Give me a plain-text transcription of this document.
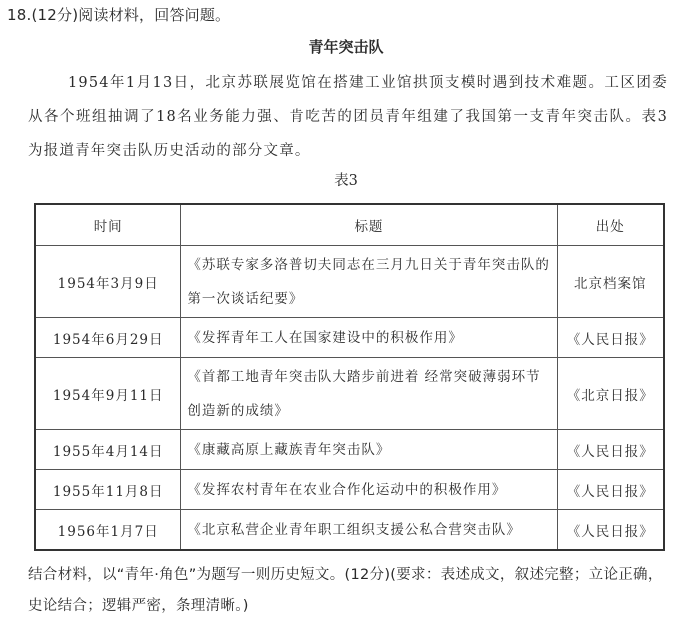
18.(12分)阅读材料，回答问题。
青年突击队
1954年1月13日，北京苏联展览馆在搭建工业馆拱顶支模时遇到技术难题。工区团委从各个班组抽调了18名业务能力强、肯吃苦的团员青年组建了我国第一支青年突击队。表3为报道青年突击队历史活动的部分文章。
表3
时间	标题	出处
1954年3月9日	《苏联专家多洛普切夫同志在三月九日关于青年突击队的第一次谈话纪要》	北京档案馆
1954年6月29日	《发挥青年工人在国家建设中的积极作用》	《人民日报》
1954年9月11日	《首都工地青年突击队大踏步前进着 经常突破薄弱环节创造新的成绩》	《北京日报》
1955年4月14日	《康藏高原上藏族青年突击队》	《人民日报》
1955年11月8日	《发挥农村青年在农业合作化运动中的积极作用》	《人民日报》
1956年1月7日	《北京私营企业青年职工组织支援公私合营突击队》	《人民日报》
结合材料，以“青年·角色”为题写一则历史短文。(12分)(要求：表述成文，叙述完整；立论正确，史论结合；逻辑严密，条理清晰。)
